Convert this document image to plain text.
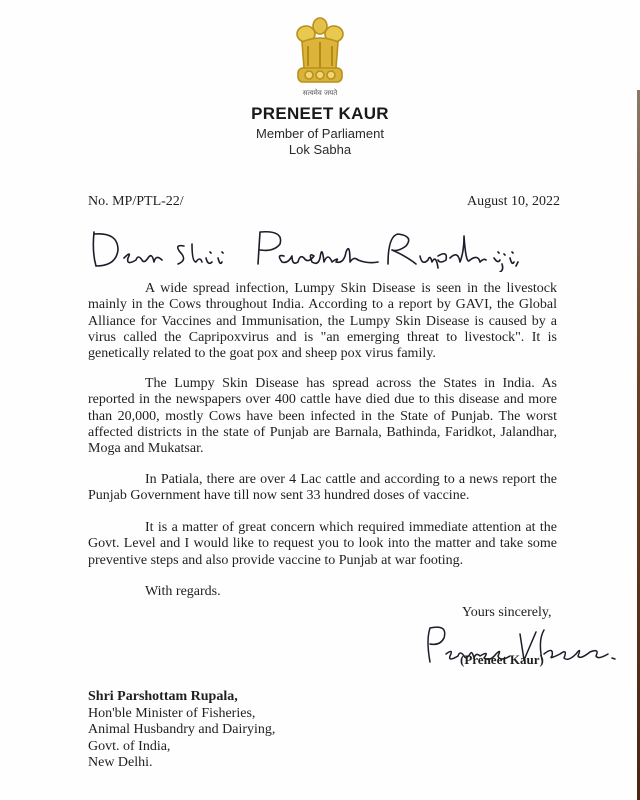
सत्यमेव जयते
PRENEET KAUR
Member of Parliament
Lok Sabha
No. MP/PTL-22/	August 10, 2022

A wide spread infection, Lumpy Skin Disease is seen in the livestock mainly in the Cows throughout India. According to a report by GAVI, the Global Alliance for Vaccines and Immunisation, the Lumpy Skin Disease is caused by a virus called the Capripoxvirus and is "an emerging threat to livestock". It is genetically related to the goat pox and sheep pox virus family.

The Lumpy Skin Disease has spread across the States in India. As reported in the newspapers over 400 cattle have died due to this disease and more than 20,000, mostly Cows have been infected in the State of Punjab. The worst affected districts in the state of Punjab are Barnala, Bathinda, Faridkot, Jalandhar, Moga and Mukatsar.

In Patiala, there are over 4 Lac cattle and according to a news report the Punjab Government have till now sent 33 hundred doses of vaccine.

It is a matter of great concern which required immediate attention at the Govt. Level and I would like to request you to look into the matter and take some preventive steps and also provide vaccine to Punjab at war footing.

With regards.
Yours sincerely,
(Preneet Kaur)
Shri Parshottam Rupala,
Hon'ble Minister of Fisheries,
Animal Husbandry and Dairying,
Govt. of India,
New Delhi.
